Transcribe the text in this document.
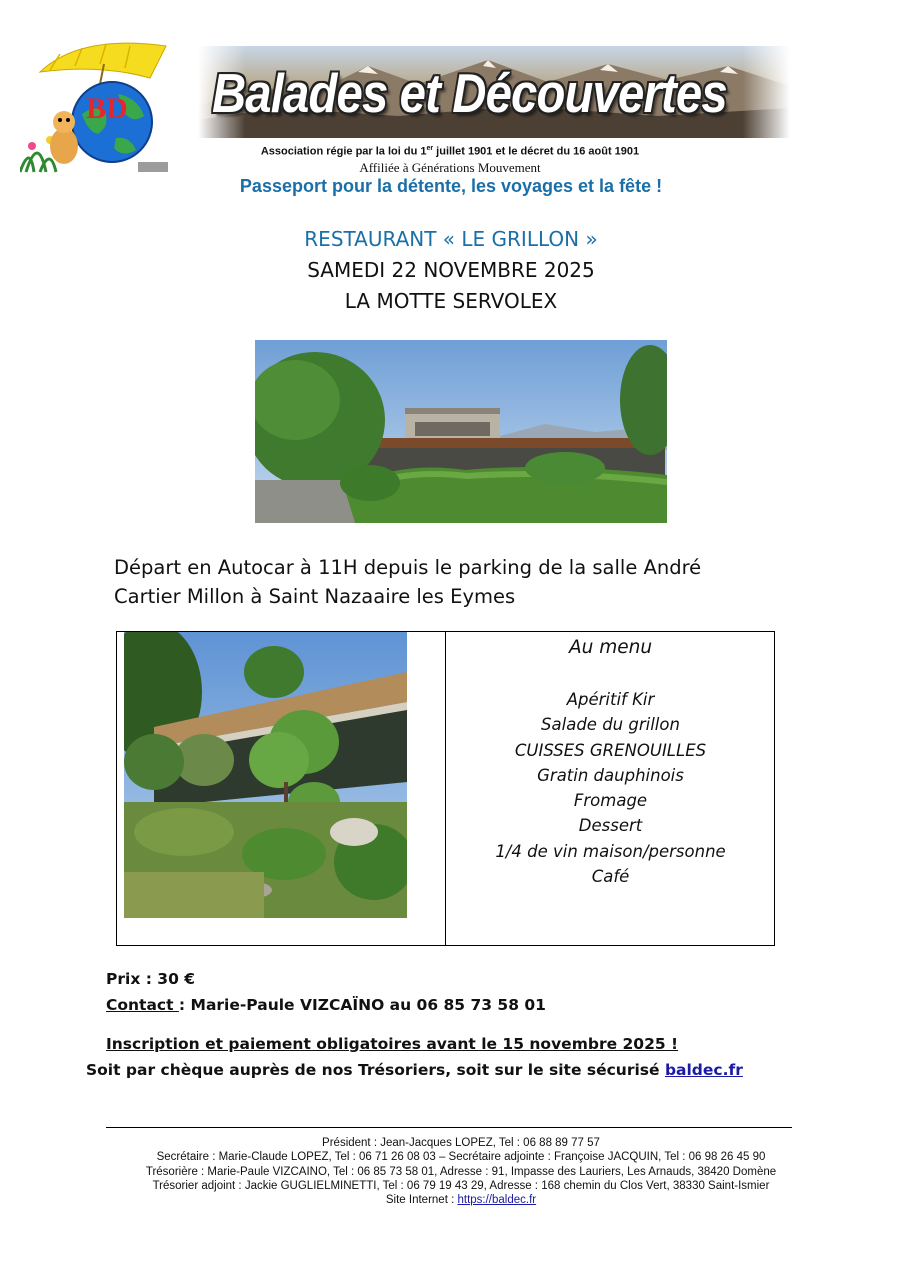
BD Balades et Découvertes
Association régie par la loi du 1er juillet 1901 et le décret du 16 août 1901
Affiliée à Générations Mouvement
Passeport pour la détente, les voyages et la fête !
RESTAURANT « LE GRILLON »
SAMEDI 22 NOVEMBRE 2025
LA MOTTE SERVOLEX
Départ en Autocar à 11H depuis le parking de la salle André
Cartier Millon à Saint Nazaaire les Eymes
Au menu
Apéritif Kir
Salade du grillon
CUISSES GRENOUILLES
Gratin dauphinois
Fromage
Dessert
1/4 de vin maison/personne
Café
Prix : 30 €
Contact : Marie-Paule VIZCAÏNO au 06 85 73 58 01
Inscription et paiement obligatoires avant le 15 novembre 2025 !
Soit par chèque auprès de nos Trésoriers, soit sur le site sécurisé baldec.fr
Président : Jean-Jacques LOPEZ, Tel : 06 88 89 77 57
Secrétaire : Marie-Claude LOPEZ, Tel : 06 71 26 08 03 – Secrétaire adjointe : Françoise JACQUIN, Tel : 06 98 26 45 90
Trésorière : Marie-Paule VIZCAINO, Tel : 06 85 73 58 01, Adresse : 91, Impasse des Lauriers, Les Arnauds, 38420 Domène
Trésorier adjoint : Jackie GUGLIELMINETTI, Tel : 06 79 19 43 29, Adresse : 168 chemin du Clos Vert, 38330 Saint-Ismier
Site Internet : https://baldec.fr
